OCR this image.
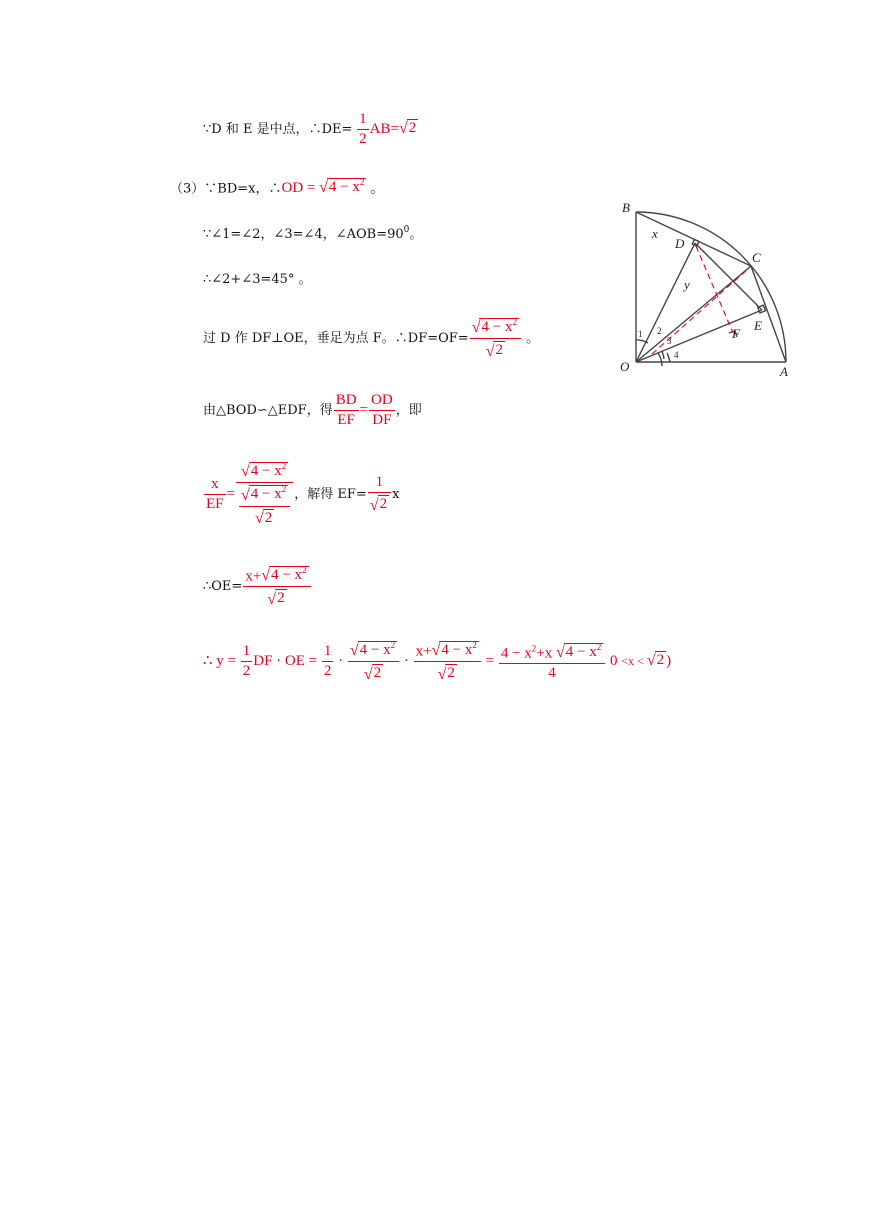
∵D 和 E 是中点，∴DE= $\frac{1}{2} AB=$ √ 2
（3）∵BD=x，∴OD = √ $4 - x^2$ 。
∵∠1=∠2，∠3=∠4，$\angle AOB=90^0$。
∴∠2+∠3=45° 。
过 D 作 DF⊥OE，垂足为点 F。∴DF=OF= $\frac{√ 4 - x^2}{√ 2}$ 。
由△BOD∽△EDF，得 $\frac{BD}{EF} = \frac{OD}{DF}$ ，即
$\frac{x}{EF} = \frac{√ 4 - x^2}{\frac{√ 4 - x^2}{√ 2}}$ ，解得 $EF= \frac{1}{√ 2}$ x
∴OE= $\frac{x+ √ 4 - x^2}{√ 2}$
∴ $y = \frac{1}{2}$ DF · OE = $\frac{1}{2} \cdot \frac{√ 4 - x^2}{√ 2} \cdot \frac{x+ √ 4 - x^2}{√ 2} = \frac{4 - x^2+x √ 4 - x^2}{4} 0 <x$ < √ 2 )
B
x
D
C
y
F
E
O	A
1 2
3
4
